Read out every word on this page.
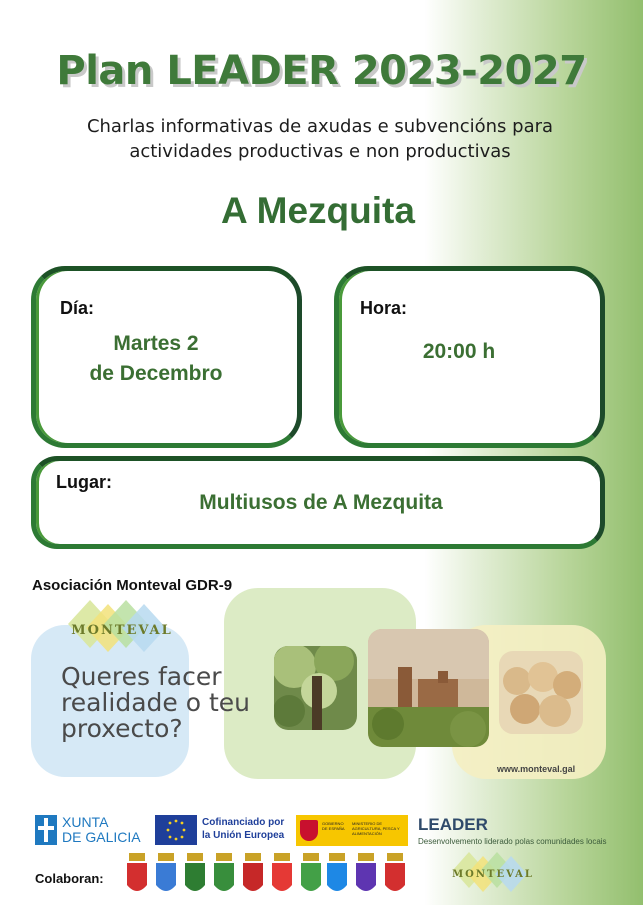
Plan LEADER 2023-2027
Charlas informativas de axudas e subvencións para actividades productivas e non productivas
A Mezquita
Día:
Martes 2
de Decembro
Hora:
20:00 h
Lugar:
Multiusos de A Mezquita
Asociación Monteval GDR-9
MONTEVAL
Queres facer
realidade o teu
proxecto?
www.monteval.gal
XUNTA
DE GALICIA
Cofinanciado por
la Unión Europea
GOBIERNO DE ESPAÑA
MINISTERIO DE AGRICULTURA, PESCA Y ALIMENTACIÓN	LEADER
Desenvolvemento liderado polas comunidades locais
Colaboran:	MONTEVAL
